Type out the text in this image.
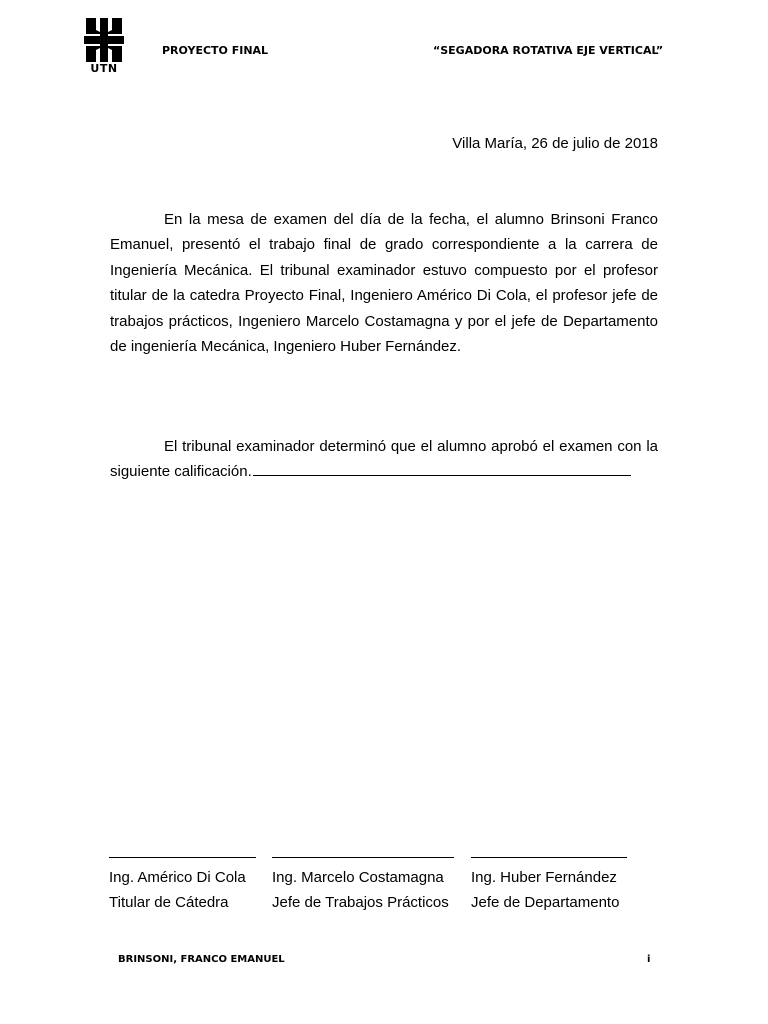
UTN
PROYECTO FINAL	“SEGADORA ROTATIVA EJE VERTICAL”
Villa María, 26 de julio de 2018

En la mesa de examen del día de la fecha, el alumno Brinsoni Franco Emanuel, presentó el trabajo final de grado correspondiente a la carrera de Ingeniería Mecánica. El tribunal examinador estuvo compuesto por el profesor titular de la catedra Proyecto Final, Ingeniero Américo Di Cola, el profesor jefe de trabajos prácticos, Ingeniero Marcelo Costamagna y por el jefe de Departamento de ingeniería Mecánica, Ingeniero Huber Fernández.

El tribunal examinador determinó que el alumno aprobó el examen con la siguiente calificación.

Ing. Américo Di Cola
Titular de Cátedra
Ing. Marcelo Costamagna
Jefe de Trabajos Prácticos
Ing. Huber Fernández
Jefe de Departamento
BRINSONI, FRANCO EMANUEL	i
